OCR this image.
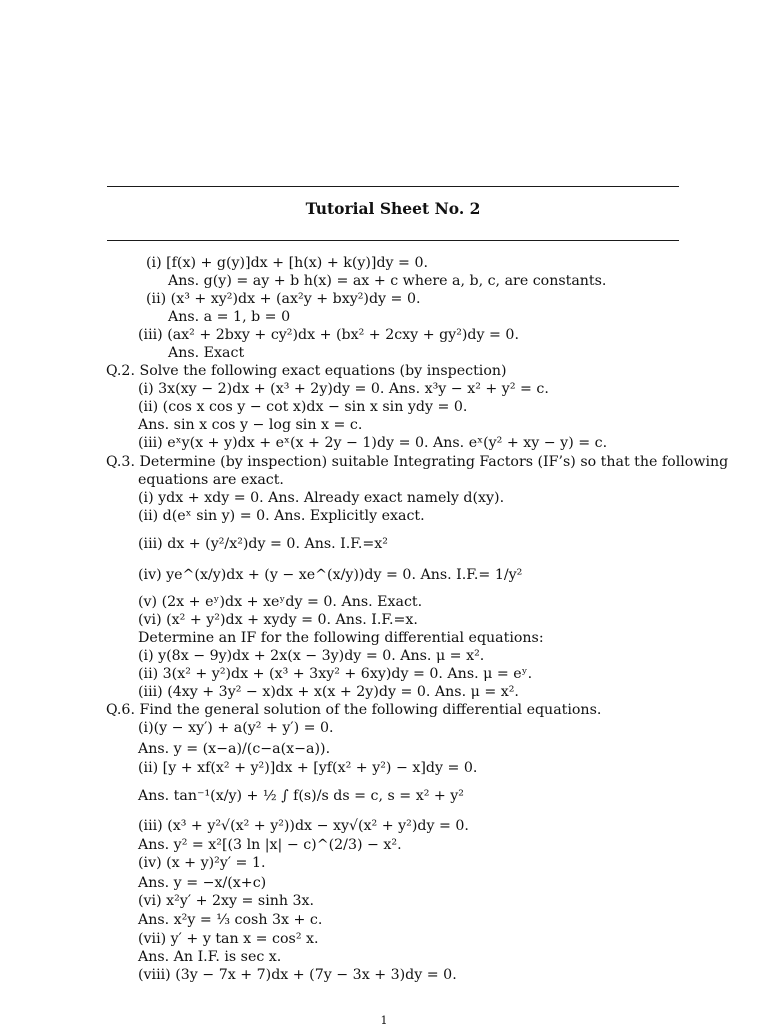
Tutorial Sheet No. 2
(i) [f(x) + g(y)]dx + [h(x) + k(y)]dy = 0.
Ans. g(y) = ay + b h(x) = ax + c where a, b, c, are constants.
(ii) (x³ + xy²)dx + (ax²y + bxy²)dy = 0.
Ans. a = 1, b = 0
(iii) (ax² + 2bxy + cy²)dx + (bx² + 2cxy + gy²)dy = 0.
Ans. Exact
Q.2. Solve the following exact equations (by inspection)
(i) 3x(xy − 2)dx + (x³ + 2y)dy = 0. Ans. x³y − x² + y² = c.
(ii) (cos x cos y − cot x)dx − sin x sin ydy = 0.
Ans. sin x cos y − log sin x = c.
(iii) eˣy(x + y)dx + eˣ(x + 2y − 1)dy = 0. Ans. eˣ(y² + xy − y) = c.
Q.3. Determine (by inspection) suitable Integrating Factors (IF’s) so that the following
equations are exact.
(i) ydx + xdy = 0. Ans. Already exact namely d(xy).
(ii) d(eˣ sin y) = 0. Ans. Explicitly exact.
(iii) dx + (y²/x²)dy = 0. Ans. I.F.=x²
(iv) ye^(x/y)dx + (y − xe^(x/y))dy = 0. Ans. I.F.= 1/y²
(v) (2x + eʸ)dx + xeʸdy = 0. Ans. Exact.
(vi) (x² + y²)dx + xydy = 0. Ans. I.F.=x.
Determine an IF for the following differential equations:
(i) y(8x − 9y)dx + 2x(x − 3y)dy = 0. Ans. μ = x².
(ii) 3(x² + y²)dx + (x³ + 3xy² + 6xy)dy = 0. Ans. μ = eʸ.
(iii) (4xy + 3y² − x)dx + x(x + 2y)dy = 0. Ans. μ = x².
Q.6. Find the general solution of the following differential equations.
(i)(y − xy′) + a(y² + y′) = 0.
Ans. y = (x−a)/(c−a(x−a)).
(ii) [y + xf(x² + y²)]dx + [yf(x² + y²) − x]dy = 0.
Ans. tan⁻¹(x/y) + ½ ∫ f(s)/s ds = c, s = x² + y²
(iii) (x³ + y²√(x² + y²))dx − xy√(x² + y²)dy = 0.
Ans. y² = x²[(3 ln |x| − c)^(2/3) − x².
(iv) (x + y)²y′ = 1.
Ans. y = −x/(x+c)
(vi) x²y′ + 2xy = sinh 3x.
Ans. x²y = ⅓ cosh 3x + c.
(vii) y′ + y tan x = cos² x.
Ans. An I.F. is sec x.
(viii) (3y − 7x + 7)dx + (7y − 3x + 3)dy = 0.
1
